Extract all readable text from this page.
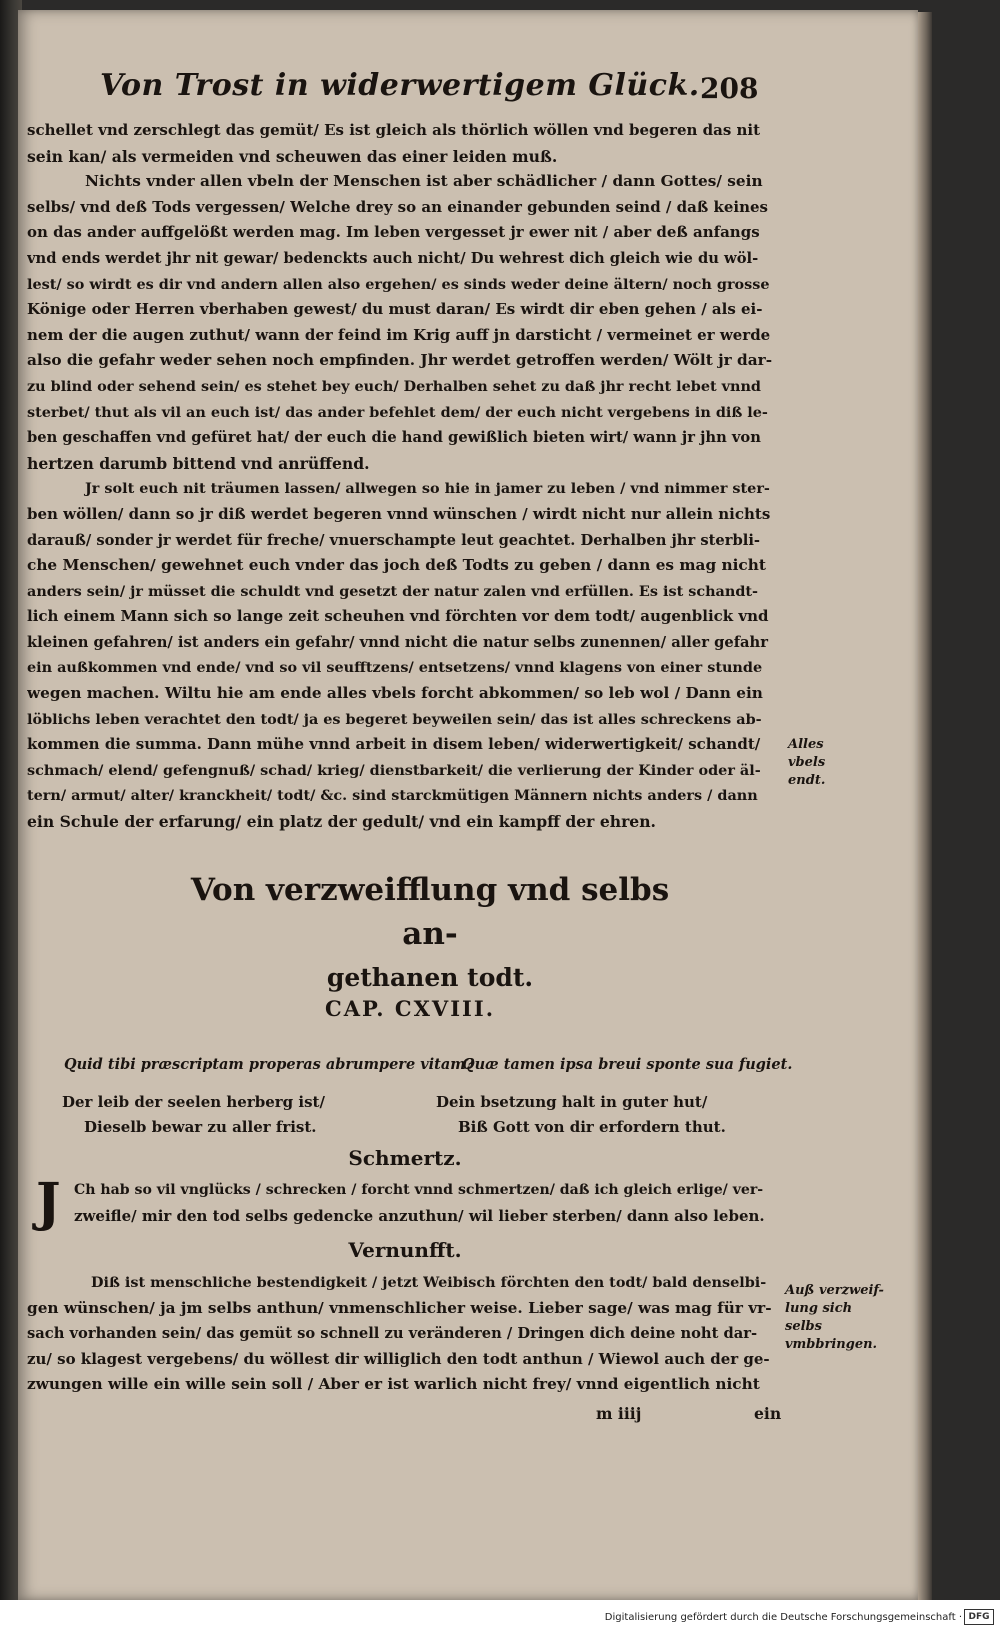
Von Trost in widerwertigem Glück. 208
schellet vnd zerschlegt das gemüt/ Es ist gleich als thörlich wöllen vnd begeren das nit
sein kan/ als vermeiden vnd scheuwen das einer leiden muß.
Nichts vnder allen vbeln der Menschen ist aber schädlicher / dann Gottes/ sein
selbs/ vnd deß Tods vergessen/ Welche drey so an einander gebunden seind / daß keines
on das ander auffgelößt werden mag. Im leben vergesset jr ewer nit / aber deß anfangs
vnd ends werdet jhr nit gewar/ bedenckts auch nicht/ Du wehrest dich gleich wie du wöl-
lest/ so wirdt es dir vnd andern allen also ergehen/ es sinds weder deine ältern/ noch grosse
Könige oder Herren vberhaben gewest/ du must daran/ Es wirdt dir eben gehen / als ei-
nem der die augen zuthut/ wann der feind im Krig auff jn darsticht / vermeinet er werde
also die gefahr weder sehen noch empfinden. Jhr werdet getroffen werden/ Wölt jr dar-
zu blind oder sehend sein/ es stehet bey euch/ Derhalben sehet zu daß jhr recht lebet vnnd
sterbet/ thut als vil an euch ist/ das ander befehlet dem/ der euch nicht vergebens in diß le-
ben geschaffen vnd gefüret hat/ der euch die hand gewißlich bieten wirt/ wann jr jhn von
hertzen darumb bittend vnd anrüffend.
Jr solt euch nit träumen lassen/ allwegen so hie in jamer zu leben / vnd nimmer ster-
ben wöllen/ dann so jr diß werdet begeren vnnd wünschen / wirdt nicht nur allein nichts
darauß/ sonder jr werdet für freche/ vnuerschampte leut geachtet. Derhalben jhr sterbli-
che Menschen/ gewehnet euch vnder das joch deß Todts zu geben / dann es mag nicht
anders sein/ jr müsset die schuldt vnd gesetzt der natur zalen vnd erfüllen. Es ist schandt-
lich einem Mann sich so lange zeit scheuhen vnd förchten vor dem todt/ augenblick vnd
kleinen gefahren/ ist anders ein gefahr/ vnnd nicht die natur selbs zunennen/ aller gefahr
ein außkommen vnd ende/ vnd so vil seufftzens/ entsetzens/ vnnd klagens von einer stunde
wegen machen. Wiltu hie am ende alles vbels forcht abkommen/ so leb wol / Dann ein
löblichs leben verachtet den todt/ ja es begeret beyweilen sein/ das ist alles schreckens ab-
kommen die summa. Dann mühe vnnd arbeit in disem leben/ widerwertigkeit/ schandt/
schmach/ elend/ gefengnuß/ schad/ krieg/ dienstbarkeit/ die verlierung der Kinder oder äl-
tern/ armut/ alter/ kranckheit/ todt/ &c. sind starckmütigen Männern nichts anders / dann
ein Schule der erfarung/ ein platz der gedult/ vnd ein kampff der ehren.
Alles vbels endt.
Von verzweifflung vnd selbs an-
gethanen todt.
CAP. CXVIII.
Quid tibi præscriptam properas abrumpere vitam?
Quæ tamen ipsa breui sponte sua fugiet.
Der leib der seelen herberg ist/
Dieselb bewar zu aller frist.
Dein bsetzung halt in guter hut/
Biß Gott von dir erfordern thut.
Schmertz.
J Ch hab so vil vnglücks / schrecken / forcht vnnd schmertzen/ daß ich gleich erlige/ ver-
zweifle/ mir den tod selbs gedencke anzuthun/ wil lieber sterben/ dann also leben.
Vernunfft.
Diß ist menschliche bestendigkeit / jetzt Weibisch förchten den todt/ bald denselbi-
gen wünschen/ ja jm selbs anthun/ vnmenschlicher weise. Lieber sage/ was mag für vr-
sach vorhanden sein/ das gemüt so schnell zu veränderen / Dringen dich deine noht dar-
zu/ so klagest vergebens/ du wöllest dir williglich den todt anthun / Wiewol auch der ge-
zwungen wille ein wille sein soll / Aber er ist warlich nicht frey/ vnnd eigentlich nicht
Auß verzweif-lung sich selbs vmbbringen.
m iiij	ein
Digitalisierung gefördert durch die Deutsche Forschungsgemeinschaft · DFG
